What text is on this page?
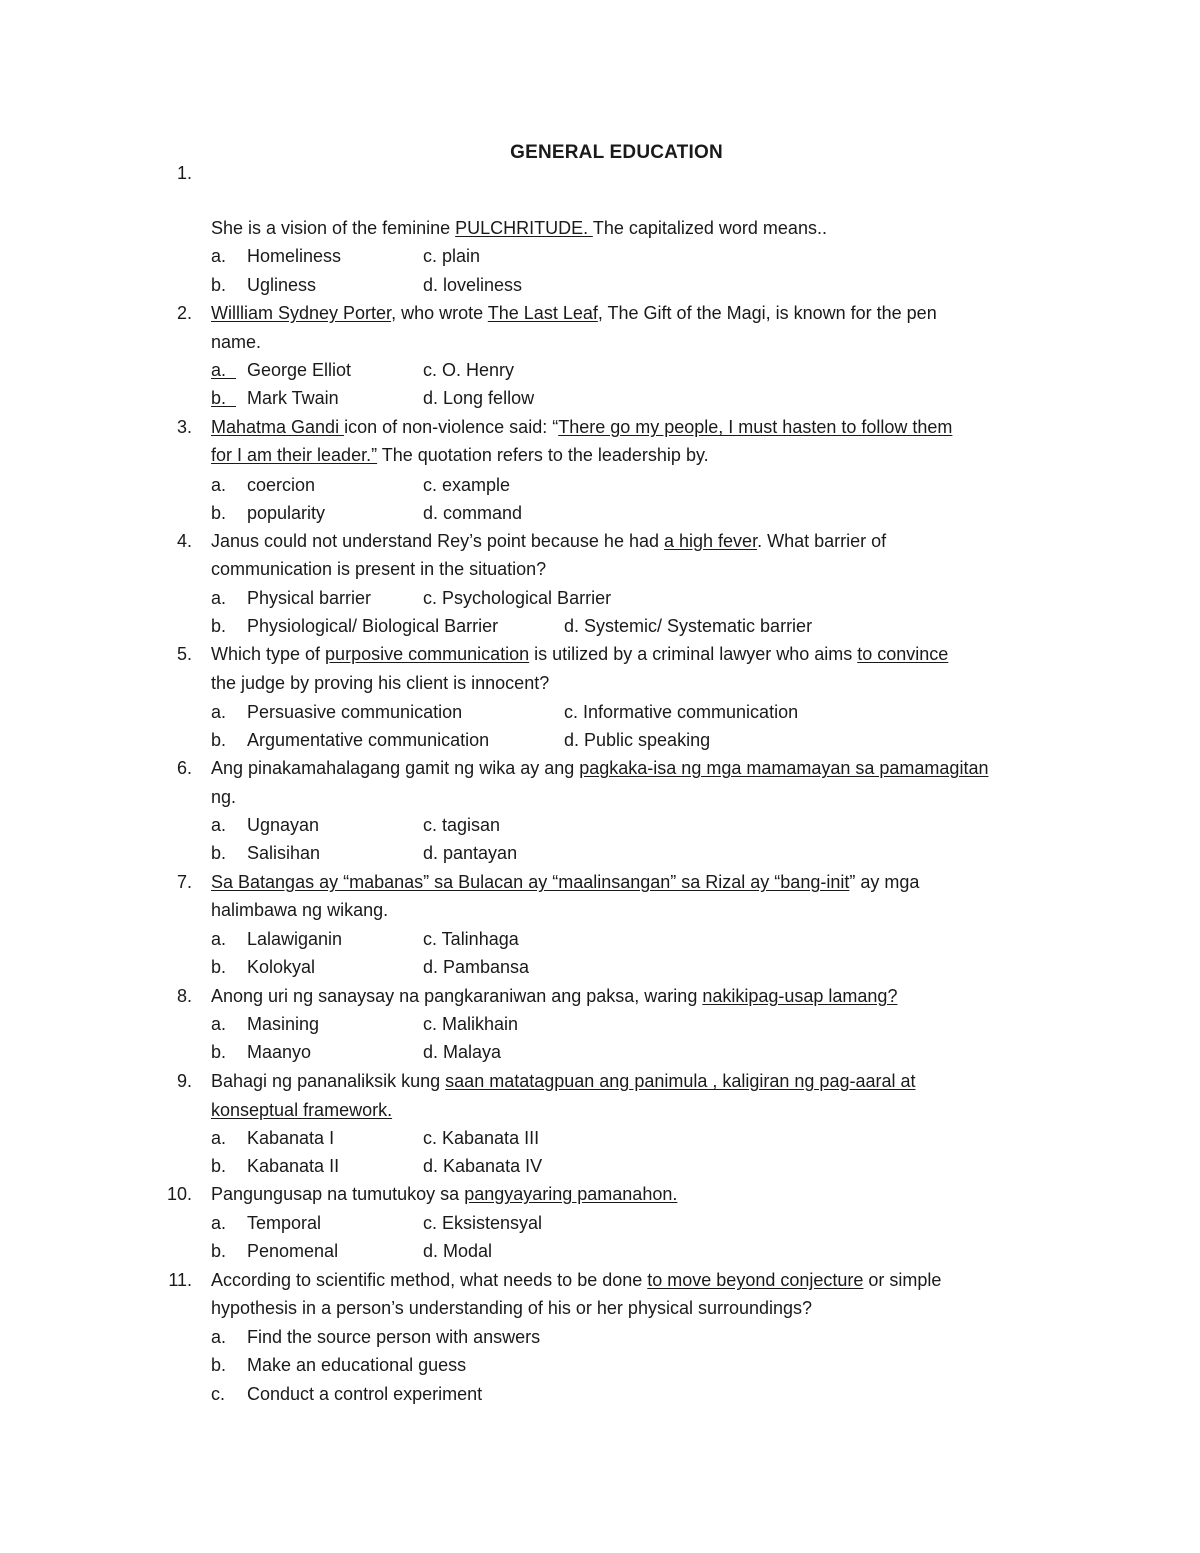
GENERAL EDUCATION
1.
She is a vision of the feminine PULCHRITUDE. The capitalized word means..
a. Homeliness	c. plain
b. Ugliness	d. loveliness
2. Willliam Sydney Porter, who wrote The Last Leaf, The Gift of the Magi, is known for the pen
name.
a. George Elliot	c. O. Henry
b. Mark Twain	d. Long fellow
3. Mahatma Gandi icon of non-violence said: “There go my people, I must hasten to follow them
for I am their leader.” The quotation refers to the leadership by.
a. coercion	c. example
b. popularity	d. command
4. Janus could not understand Rey’s point because he had a high fever. What barrier of
communication is present in the situation?
a. Physical barrier	c. Psychological Barrier
b. Physiological/ Biological Barrier	d. Systemic/ Systematic barrier
5. Which type of purposive communication is utilized by a criminal lawyer who aims to convince
the judge by proving his client is innocent?
a. Persuasive communication	c. Informative communication
b. Argumentative communication	d. Public speaking
6. Ang pinakamahalagang gamit ng wika ay ang pagkaka-isa ng mga mamamayan sa pamamagitan
ng.
a. Ugnayan	c. tagisan
b. Salisihan	d. pantayan
7. Sa Batangas ay “mabanas” sa Bulacan ay “maalinsangan” sa Rizal ay “bang-init” ay mga
halimbawa ng wikang.
a. Lalawiganin	c. Talinhaga
b. Kolokyal	d. Pambansa
8. Anong uri ng sanaysay na pangkaraniwan ang paksa, waring nakikipag-usap lamang?
a. Masining	c. Malikhain
b. Maanyo	d. Malaya
9. Bahagi ng pananaliksik kung saan matatagpuan ang panimula , kaligiran ng pag-aaral at
konseptual framework.
a. Kabanata I	c. Kabanata III
b. Kabanata II	d. Kabanata IV
10. Pangungusap na tumutukoy sa pangyayaring pamanahon.
a. Temporal	c. Eksistensyal
b. Penomenal	d. Modal
11. According to scientific method, what needs to be done to move beyond conjecture or simple
hypothesis in a person’s understanding of his or her physical surroundings?
a. Find the source person with answers
b. Make an educational guess
c. Conduct a control experiment
